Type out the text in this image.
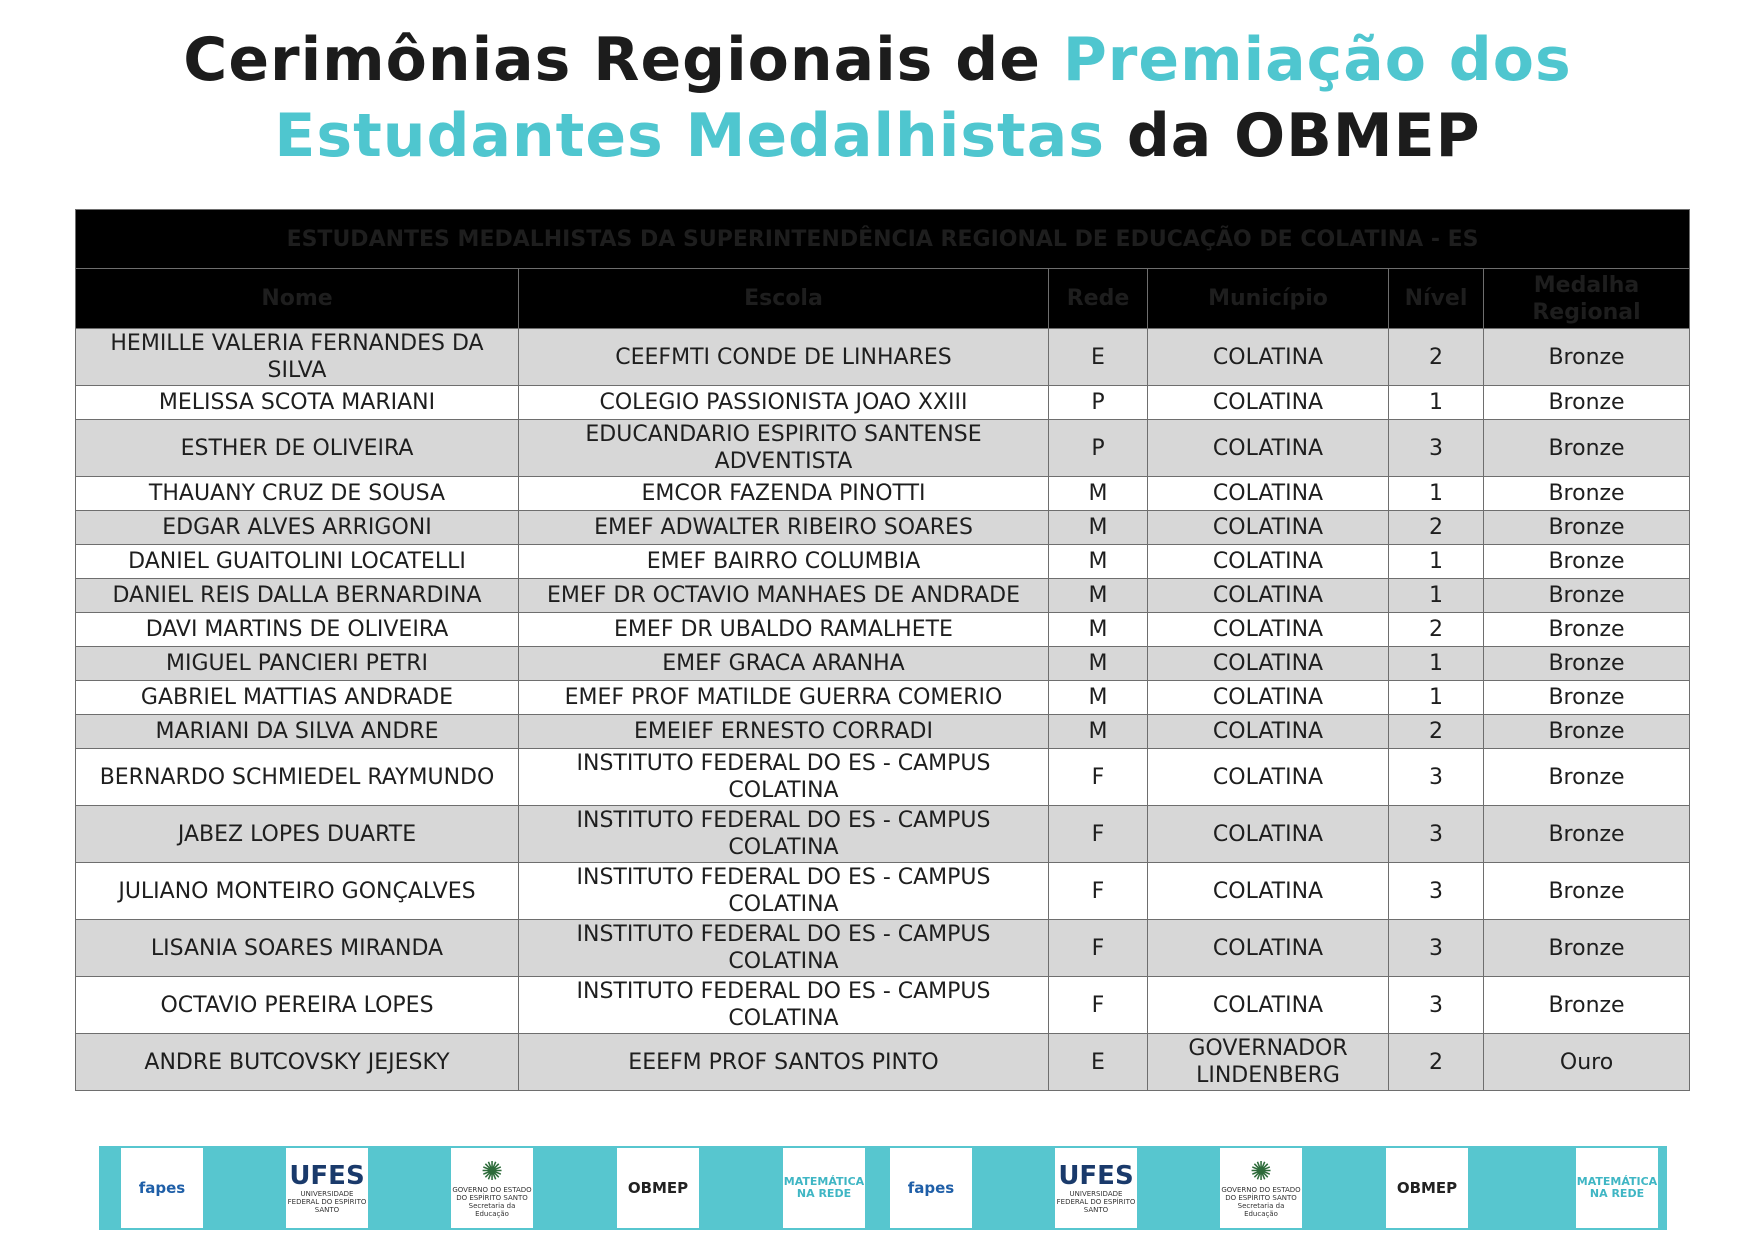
Cerimônias Regionais de Premiação dos
Estudantes Medalhistas da OBMEP
ESTUDANTES MEDALHISTAS DA SUPERINTENDÊNCIA REGIONAL DE EDUCAÇÃO DE COLATINA - ES					
Nome	Escola	Rede	Município	Nível	Medalha Regional
HEMILLE VALERIA FERNANDES DA SILVA	CEEFMTI CONDE DE LINHARES	E	COLATINA	2	Bronze
MELISSA SCOTA MARIANI	COLEGIO PASSIONISTA JOAO XXIII	P	COLATINA	1	Bronze
ESTHER DE OLIVEIRA	EDUCANDARIO ESPIRITO SANTENSE ADVENTISTA	P	COLATINA	3	Bronze
THAUANY CRUZ DE SOUSA	EMCOR FAZENDA PINOTTI	M	COLATINA	1	Bronze
EDGAR ALVES ARRIGONI	EMEF ADWALTER RIBEIRO SOARES	M	COLATINA	2	Bronze
DANIEL GUAITOLINI LOCATELLI	EMEF BAIRRO COLUMBIA	M	COLATINA	1	Bronze
DANIEL REIS DALLA BERNARDINA	EMEF DR OCTAVIO MANHAES DE ANDRADE	M	COLATINA	1	Bronze
DAVI MARTINS DE OLIVEIRA	EMEF DR UBALDO RAMALHETE	M	COLATINA	2	Bronze
MIGUEL PANCIERI PETRI	EMEF GRACA ARANHA	M	COLATINA	1	Bronze
GABRIEL MATTIAS ANDRADE	EMEF PROF MATILDE GUERRA COMERIO	M	COLATINA	1	Bronze
MARIANI DA SILVA ANDRE	EMEIEF ERNESTO CORRADI	M	COLATINA	2	Bronze
BERNARDO SCHMIEDEL RAYMUNDO	INSTITUTO FEDERAL DO ES - CAMPUS COLATINA	F	COLATINA	3	Bronze
JABEZ LOPES DUARTE	INSTITUTO FEDERAL DO ES - CAMPUS COLATINA	F	COLATINA	3	Bronze
JULIANO MONTEIRO GONÇALVES	INSTITUTO FEDERAL DO ES - CAMPUS COLATINA	F	COLATINA	3	Bronze
LISANIA SOARES MIRANDA	INSTITUTO FEDERAL DO ES - CAMPUS COLATINA	F	COLATINA	3	Bronze
OCTAVIO PEREIRA LOPES	INSTITUTO FEDERAL DO ES - CAMPUS COLATINA	F	COLATINA	3	Bronze
ANDRE BUTCOVSKY JEJESKY	EEEFM PROF SANTOS PINTO	E	GOVERNADOR LINDENBERG	2	Ouro
fapes	UFES
UNIVERSIDADE FEDERAL DO ESPÍRITO SANTO
✺
GOVERNO DO ESTADO DO ESPÍRITO SANTO Secretaria da Educação
OBMEP	MATEMÁTICA NA REDE	fapes	UFES
UNIVERSIDADE FEDERAL DO ESPÍRITO SANTO
✺
GOVERNO DO ESTADO DO ESPÍRITO SANTO Secretaria da Educação
OBMEP	MATEMÁTICA NA REDE
